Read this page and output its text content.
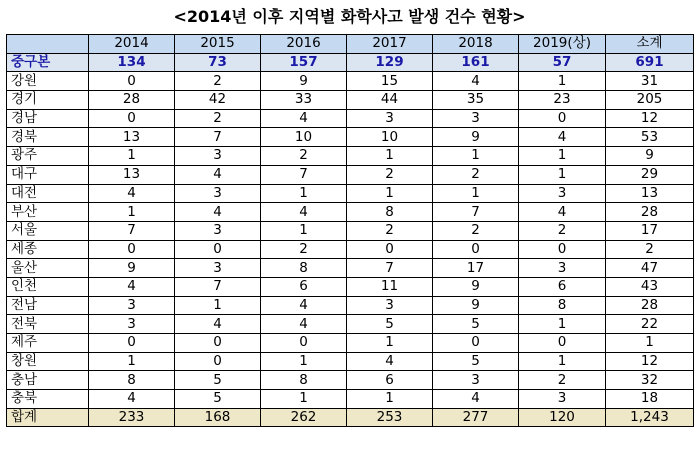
<2014년 이후 지역별 화학사고 발생 건수 현황>
	2014	2015	2016	2017	2018	2019(상)	소계
중구본	134	73	157	129	161	57	691
강원	0	2	9	15	4	1	31
경기	28	42	33	44	35	23	205
경남	0	2	4	3	3	0	12
경북	13	7	10	10	9	4	53
광주	1	3	2	1	1	1	9
대구	13	4	7	2	2	1	29
대전	4	3	1	1	1	3	13
부산	1	4	4	8	7	4	28
서울	7	3	1	2	2	2	17
세종	0	0	2	0	0	0	2
울산	9	3	8	7	17	3	47
인천	4	7	6	11	9	6	43
전남	3	1	4	3	9	8	28
전북	3	4	4	5	5	1	22
제주	0	0	0	1	0	0	1
창원	1	0	1	4	5	1	12
충남	8	5	8	6	3	2	32
충북	4	5	1	1	4	3	18
합계	233	168	262	253	277	120	1,243
